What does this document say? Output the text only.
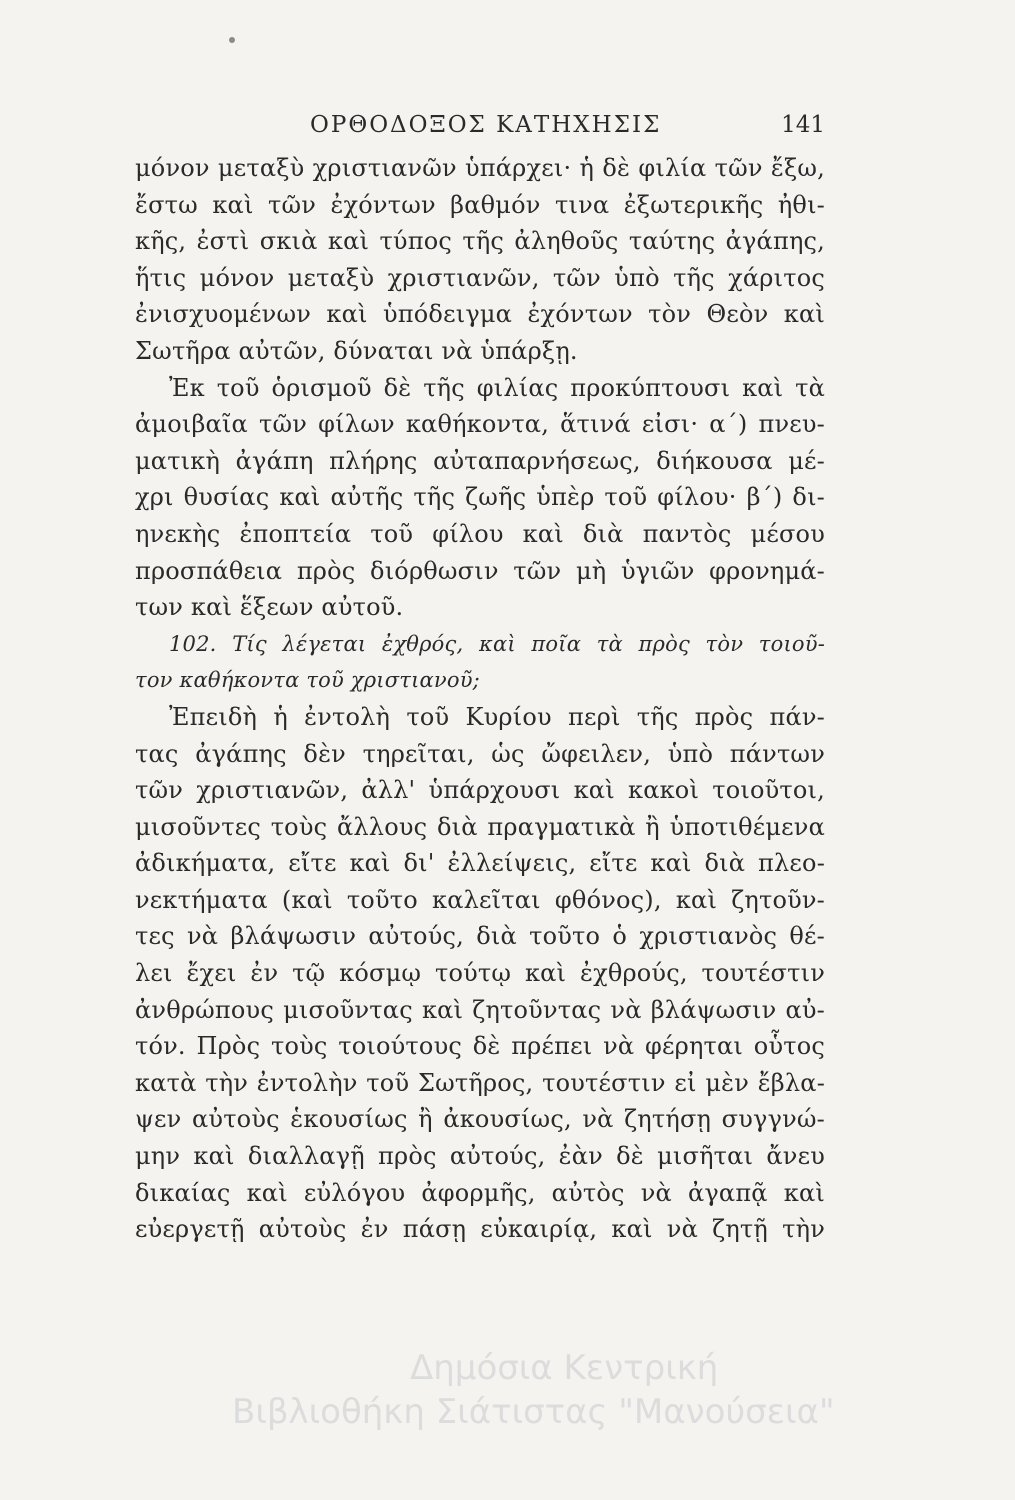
ΟΡΘΟΔΟΞΟΣ ΚΑΤΗΧΗΣΙΣ	141
μόνον μεταξὺ χριστιανῶν ὑπάρχει· ἡ δὲ φιλία τῶν ἔξω,
ἔστω καὶ τῶν ἐχόντων βαθμόν τινα ἐξωτερικῆς ἠθι-
κῆς, ἐστὶ σκιὰ καὶ τύπος τῆς ἀληθοῦς ταύτης ἀγάπης,
ἥτις μόνον μεταξὺ χριστιανῶν, τῶν ὑπὸ τῆς χάριτος
ἐνισχυομένων καὶ ὑπόδειγμα ἐχόντων τὸν Θεὸν καὶ
Σωτῆρα αὐτῶν, δύναται νὰ ὑπάρξῃ.
Ἐκ τοῦ ὁρισμοῦ δὲ τῆς φιλίας προκύπτουσι καὶ τὰ
ἀμοιβαῖα τῶν φίλων καθήκοντα, ἅτινά εἰσι· α΄) πνευ-
ματικὴ ἀγάπη πλήρης αὐταπαρνήσεως, διήκουσα μέ-
χρι θυσίας καὶ αὐτῆς τῆς ζωῆς ὑπὲρ τοῦ φίλου· β΄) δι-
ηνεκὴς ἐποπτεία τοῦ φίλου καὶ διὰ παντὸς μέσου
προσπάθεια πρὸς διόρθωσιν τῶν μὴ ὑγιῶν φρονημά-
των καὶ ἕξεων αὐτοῦ.
102. Τίς λέγεται ἐχθρός, καὶ ποῖα τὰ πρὸς τὸν τοιοῦ-
τον καθήκοντα τοῦ χριστιανοῦ;
Ἐπειδὴ ἡ ἐντολὴ τοῦ Κυρίου περὶ τῆς πρὸς πάν-
τας ἀγάπης δὲν τηρεῖται, ὡς ὤφειλεν, ὑπὸ πάντων
τῶν χριστιανῶν, ἀλλ' ὑπάρχουσι καὶ κακοὶ τοιοῦτοι,
μισοῦντες τοὺς ἄλλους διὰ πραγματικὰ ἢ ὑποτιθέμενα
ἀδικήματα, εἴτε καὶ δι' ἐλλείψεις, εἴτε καὶ διὰ πλεο-
νεκτήματα (καὶ τοῦτο καλεῖται φθόνος), καὶ ζητοῦν-
τες νὰ βλάψωσιν αὐτούς, διὰ τοῦτο ὁ χριστιανὸς θέ-
λει ἔχει ἐν τῷ κόσμῳ τούτῳ καὶ ἐχθρούς, τουτέστιν
ἀνθρώπους μισοῦντας καὶ ζητοῦντας νὰ βλάψωσιν αὐ-
τόν. Πρὸς τοὺς τοιούτους δὲ πρέπει νὰ φέρηται οὗτος
κατὰ τὴν ἐντολὴν τοῦ Σωτῆρος, τουτέστιν εἰ μὲν ἔβλα-
ψεν αὐτοὺς ἑκουσίως ἢ ἀκουσίως, νὰ ζητήσῃ συγγνώ-
μην καὶ διαλλαγῇ πρὸς αὐτούς, ἐὰν δὲ μισῆται ἄνευ
δικαίας καὶ εὐλόγου ἀφορμῆς, αὐτὸς νὰ ἀγαπᾷ καὶ
εὐεργετῇ αὐτοὺς ἐν πάσῃ εὐκαιρίᾳ, καὶ νὰ ζητῇ τὴν
Δημόσια Κεντρική
Βιβλιοθήκη Σιάτιστας "Μανούσεια"
